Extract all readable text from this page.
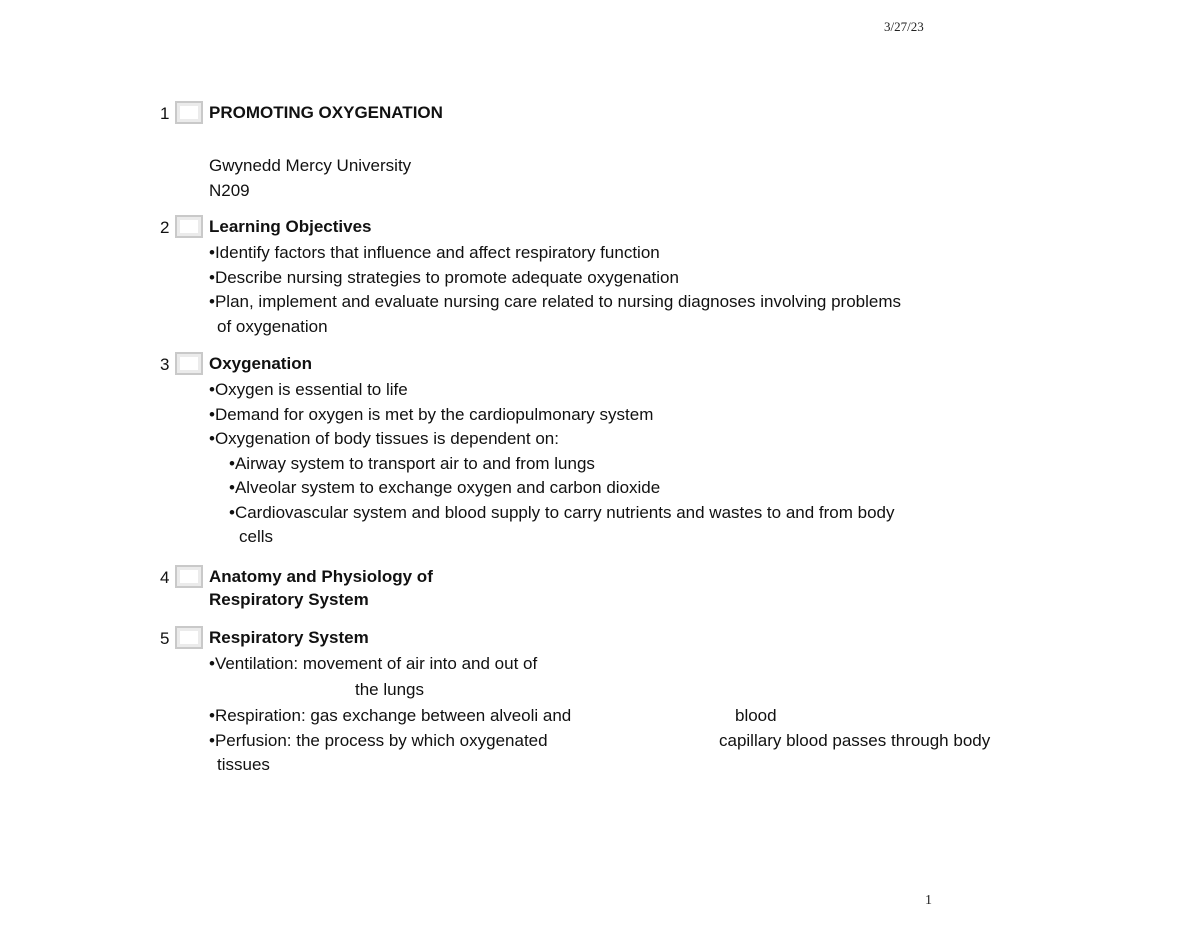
3/27/23
1 PROMOTING OXYGENATION

Gwynedd Mercy University

N209

2 Learning Objectives

•Identify factors that influence and affect respiratory function

•Describe nursing strategies to promote adequate oxygenation

•Plan, implement and evaluate nursing care related to nursing diagnoses involving problems

of oxygenation

3 Oxygenation

•Oxygen is essential to life

•Demand for oxygen is met by the cardiopulmonary system

•Oxygenation of body tissues is dependent on:

•Airway system to transport air to and from lungs

•Alveolar system to exchange oxygen and carbon dioxide

•Cardiovascular system and blood supply to carry nutrients and wastes to and from body

cells

4 Anatomy and Physiology of

Respiratory System

5 Respiratory System

•Ventilation: movement of air into and out of
the lungs
•Respiration: gas exchange between alveoli and	blood
•Perfusion: the process by which oxygenated	capillary blood passes through body
tissues
1
